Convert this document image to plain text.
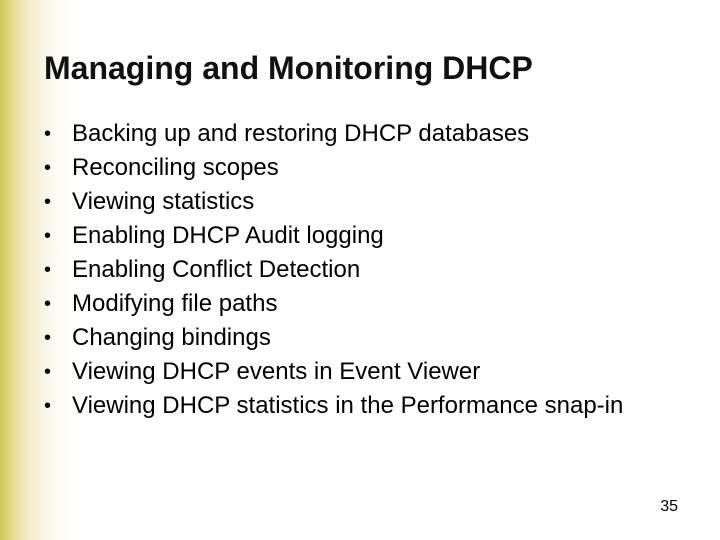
Managing and Monitoring DHCP
• Backing up and restoring DHCP databases
• Reconciling scopes
• Viewing statistics
• Enabling DHCP Audit logging
• Enabling Conflict Detection
• Modifying file paths
• Changing bindings
• Viewing DHCP events in Event Viewer
• Viewing DHCP statistics in the Performance snap-in
35
